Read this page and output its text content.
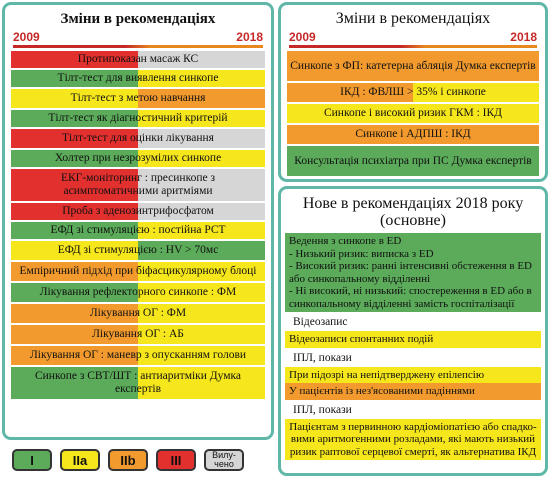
Зміни в рекомендаціях
2009	2018
Протипоказан масаж КС
Тілт-тест для виявлення синкопе
Тілт-тест з метою навчання
Тілт-тест як діагностичний критерій
Тілт-тест для оцінки лікування
Холтер при незрозумілих синкопе
ЕКГ-моніторинг : пресинкопе з асимптоматичними аритміями
Проба з аденозинтрифосфатом
ЕФД зі стимуляцією : постійна РСТ
ЕФД зі стимуляцією : HV > 70мс
Емпіричний підхід при біфасцикулярному блоці
Лікування рефлекторного синкопе : ФМ
Лікування ОГ : ФМ
Лікування ОГ : АБ
Лікування ОГ : маневр з опусканням голови
Синкопе з СВТ/ШТ : антиаритміки Думка експертів
Зміни в рекомендаціях
2009	2018
Синкопе з ФП: катетерна абляція Думка експертів
ІКД : ФВЛШ > 35% і синкопе
Синкопе і високий ризик ГКМ : ІКД
Синкопе і АДПШ : ІКД
Консультація психіатра при ПС Думка експертів
Нове в рекомендаціях 2018 року (основне)
Ведення з синкопе в ED
- Низький ризик: виписка з ED
- Високий ризик: ранні інтенсивні обстеження в ED або синкопальному відділенні
- Ні високий, ні низький: спостереження в ED або в синкопальному відділенні замість госпіталізації
Відеозапис
Відеозаписи спонтанних подій
ІПЛ, покази
При підозрі на непідтверджену епілепсію
У пацієнтів із нез'ясованими падіннями
ІПЛ, покази
Пацієнтам з первинною кардіоміопатією або спадко-вими аритмогенними розладами, які мають низький ризик раптової серцевої смерті, як альтернатива ІКД
I	IIa	IIb	III	Вилу-чено
